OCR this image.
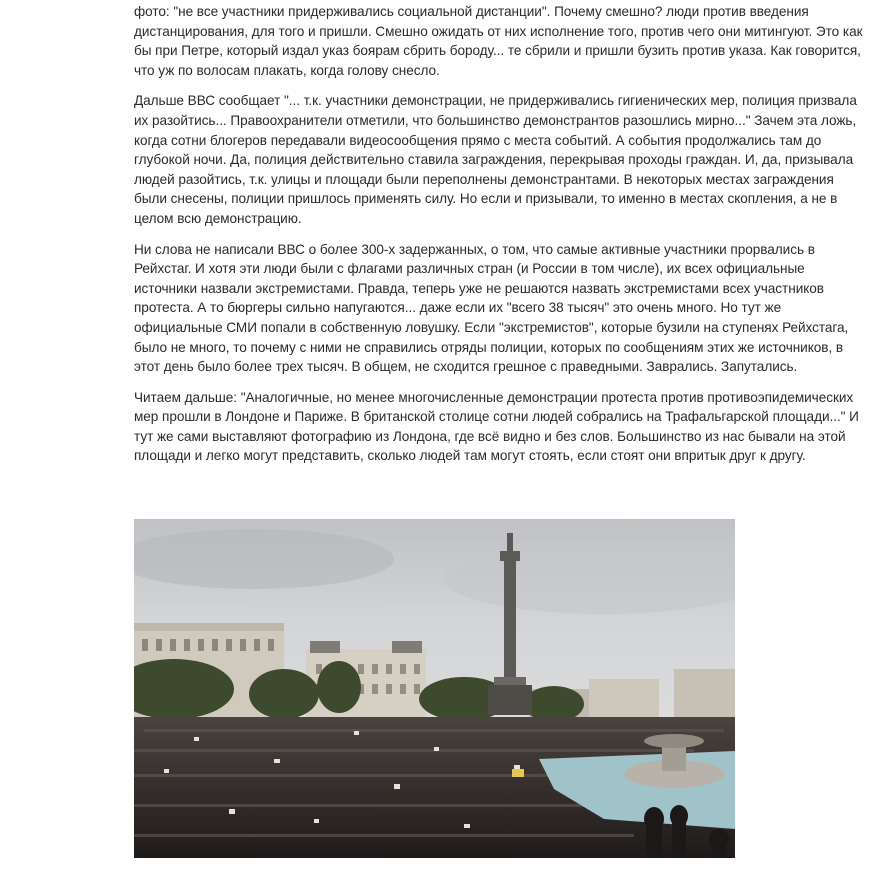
фото: "не все участники придерживались социальной дистанции". Почему смешно? люди против введения дистанцирования, для того и пришли. Смешно ожидать от них исполнение того, против чего они митингуют. Это как бы при Петре, который издал указ боярам сбрить бороду... те сбрили и пришли бузить против указа. Как говорится, что уж по волосам плакать, когда голову снесло.

Дальше ВВС сообщает "... т.к. участники демонстрации, не придерживались гигиенических мер, полиция призвала их разойтись... Правоохранители отметили, что большинство демонстрантов разошлись мирно..." Зачем эта ложь, когда сотни блогеров передавали видеосообщения прямо с места событий. А события продолжались там до глубокой ночи. Да, полиция действительно ставила заграждения, перекрывая проходы граждан. И, да, призывала людей разойтись, т.к. улицы и площади были переполнены демонстрантами. В некоторых местах заграждения были снесены, полиции пришлось применять силу. Но если и призывали, то именно в местах скопления, а не в целом всю демонстрацию.

Ни слова не написали ВВС о более 300-х задержанных, о том, что самые активные участники прорвались в Рейхстаг. И хотя эти люди были с флагами различных стран (и России в том числе), их всех официальные источники назвали экстремистами. Правда, теперь уже не решаются назвать экстремистами всех участников протеста. А то бюргеры сильно напугаются... даже если их "всего 38 тысяч" это очень много. Но тут же официальные СМИ попали в собственную ловушку. Если "экстремистов", которые бузили на ступенях Рейхстага, было не много, то почему с ними не справились отряды полиции, которых по сообщениям этих же источников, в этот день было более трех тысяч. В общем, не сходится грешное с праведными. Заврались. Запутались.

Читаем дальше: "Аналогичные, но менее многочисленные демонстрации протеста против противоэпидемических мер прошли в Лондоне и Париже. В британской столице сотни людей собрались на Трафальгарской площади..." И тут же сами выставляют фотографию из Лондона, где всё видно и без слов. Большинство из нас бывали на этой площади и легко могут представить, сколько людей там могут стоять, если стоят они впритык друг к другу.
